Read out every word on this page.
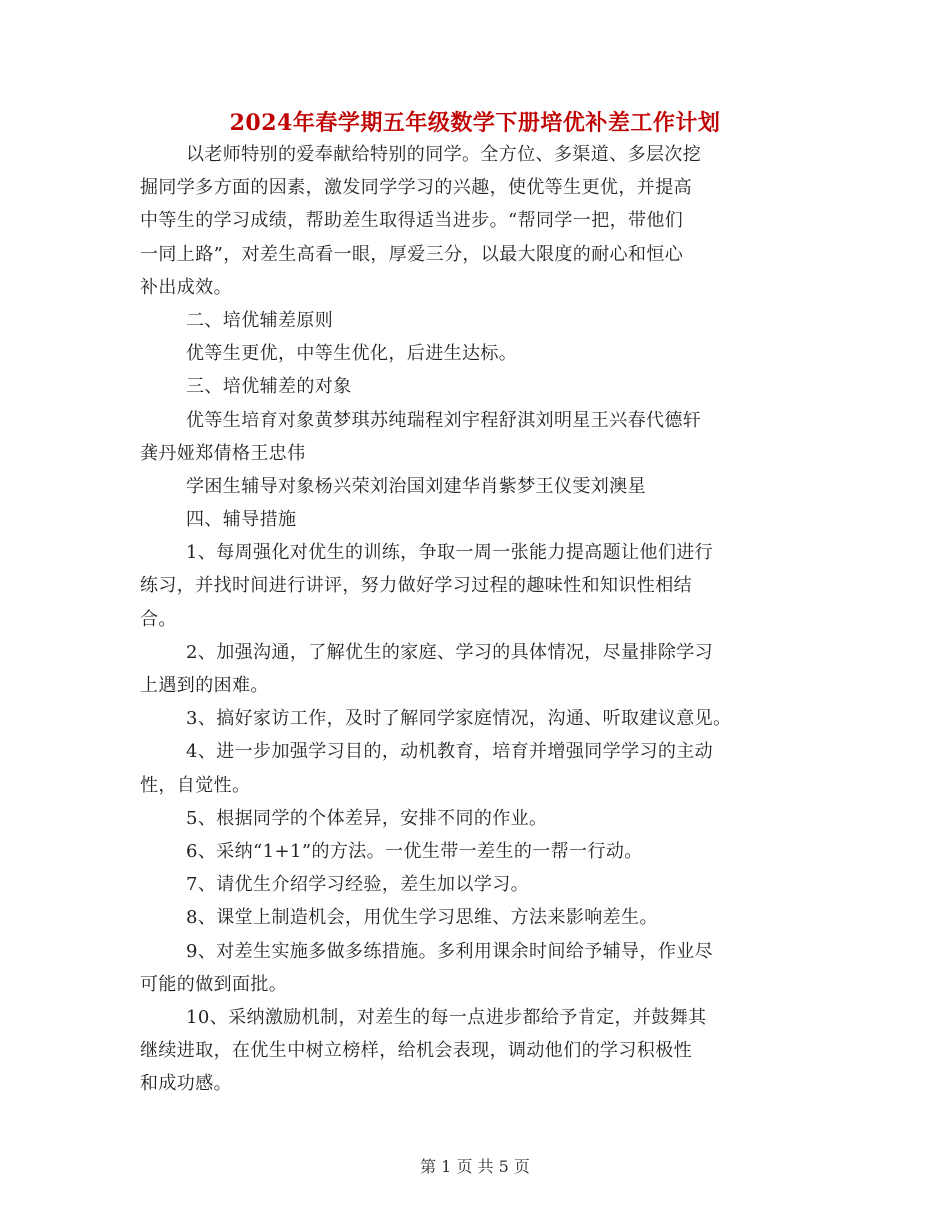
2024年春学期五年级数学下册培优补差工作计划
以老师特别的爱奉献给特别的同学。全方位、多渠道、多层次挖
掘同学多方面的因素，激发同学学习的兴趣，使优等生更优，并提高
中等生的学习成绩，帮助差生取得适当进步。“帮同学一把，带他们
一同上路”，对差生高看一眼，厚爱三分，以最大限度的耐心和恒心
补出成效。
二、培优辅差原则
优等生更优，中等生优化，后进生达标。
三、培优辅差的对象
优等生培育对象黄梦琪苏纯瑞程刘宇程舒淇刘明星王兴春代德轩
龚丹娅郑倩格王忠伟
学困生辅导对象杨兴荣刘治国刘建华肖紫梦王仪雯刘澳星
四、辅导措施
1、每周强化对优生的训练，争取一周一张能力提高题让他们进行
练习，并找时间进行讲评，努力做好学习过程的趣味性和知识性相结
合。
2、加强沟通，了解优生的家庭、学习的具体情况，尽量排除学习
上遇到的困难。
3、搞好家访工作，及时了解同学家庭情况，沟通、听取建议意见。
4、进一步加强学习目的，动机教育，培育并增强同学学习的主动
性，自觉性。
5、根据同学的个体差异，安排不同的作业。
6、采纳“1+1”的方法。一优生带一差生的一帮一行动。
7、请优生介绍学习经验，差生加以学习。
8、课堂上制造机会，用优生学习思维、方法来影响差生。
9、对差生实施多做多练措施。多利用课余时间给予辅导，作业尽
可能的做到面批。
10、采纳激励机制，对差生的每一点进步都给予肯定，并鼓舞其
继续进取，在优生中树立榜样，给机会表现，调动他们的学习积极性
和成功感。
第 1 页 共 5 页
